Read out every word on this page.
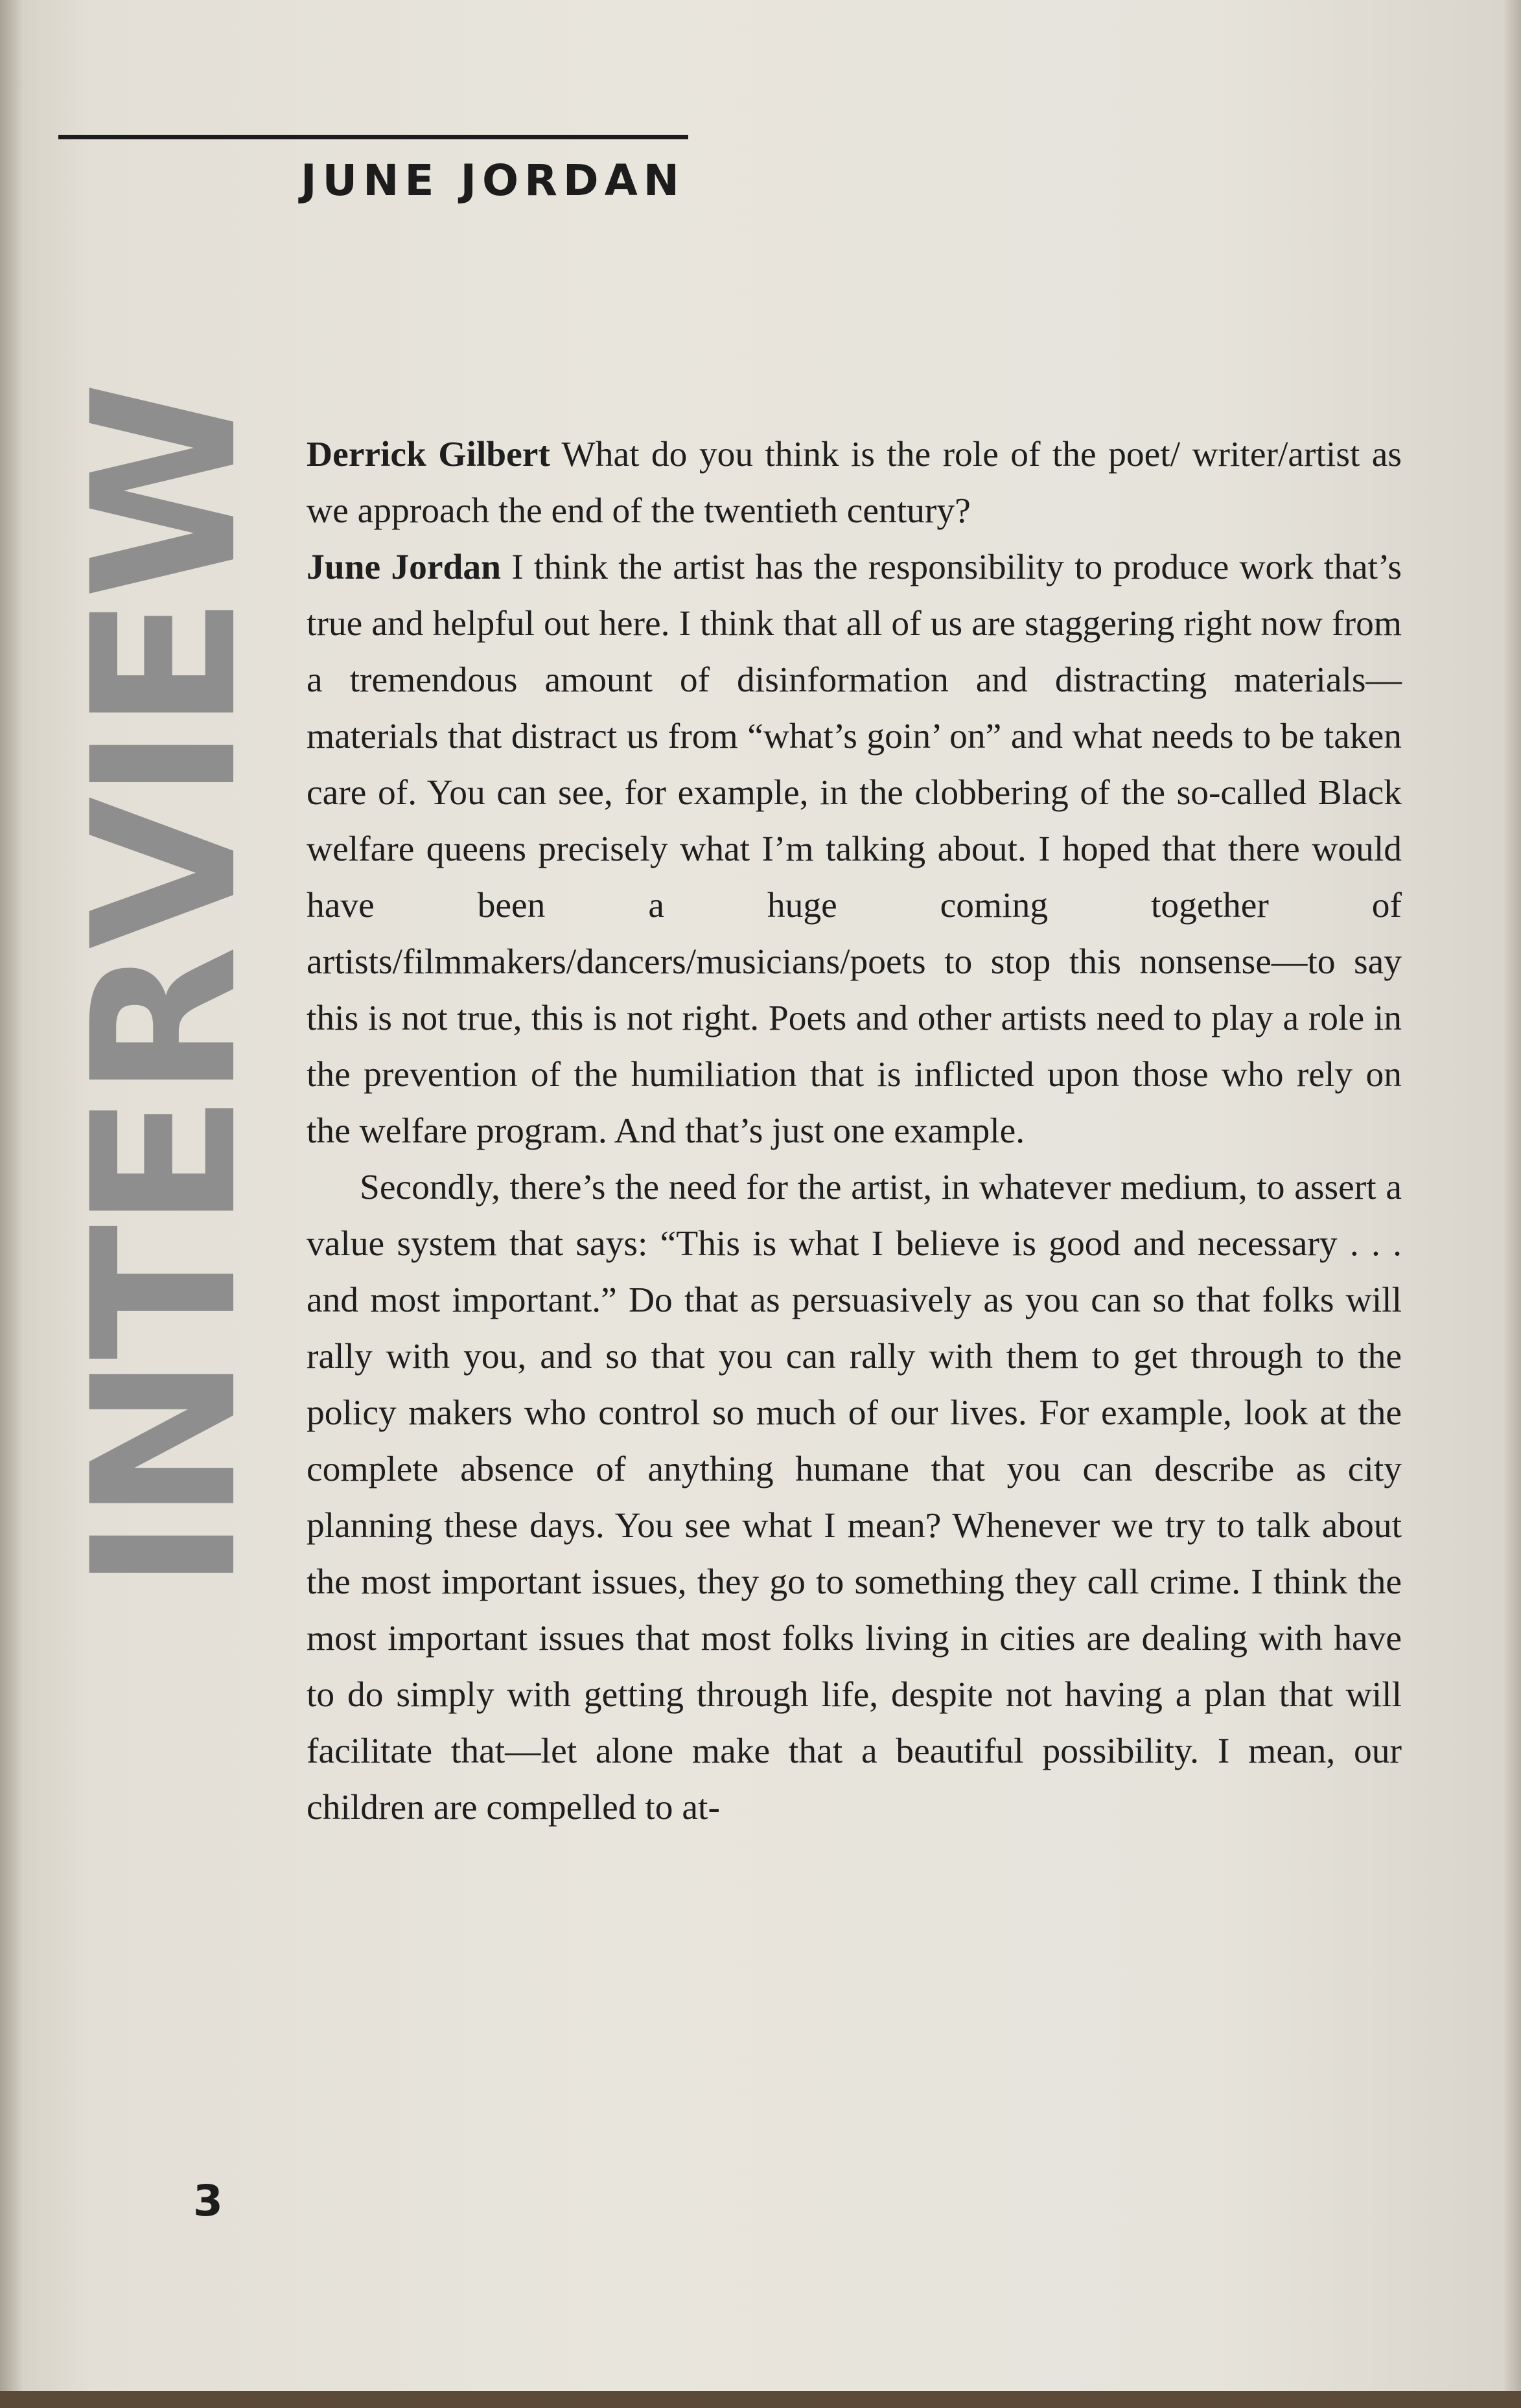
JUNE JORDAN
INTERVIEW Derrick Gilbert What do you think is the role of the poet/ writer/artist as we approach the end of the twentieth century?

June Jordan I think the artist has the responsibility to produce work that’s true and helpful out here. I think that all of us are staggering right now from a tremendous amount of disinformation and distracting materials—materials that distract us from “what’s goin’ on” and what needs to be taken care of. You can see, for example, in the clobbering of the so-called Black welfare queens precisely what I’m talking about. I hoped that there would have been a huge coming together of artists/filmmakers/dancers/musicians/poets to stop this nonsense—to say this is not true, this is not right. Poets and other artists need to play a role in the prevention of the humiliation that is inflicted upon those who rely on the welfare program. And that’s just one example.

Secondly, there’s the need for the artist, in whatever medium, to assert a value system that says: “This is what I believe is good and necessary . . . and most important.” Do that as persuasively as you can so that folks will rally with you, and so that you can rally with them to get through to the policy makers who control so much of our lives. For example, look at the complete absence of anything humane that you can describe as city planning these days. You see what I mean? Whenever we try to talk about the most important issues, they go to something they call crime. I think the most important issues that most folks living in cities are dealing with have to do simply with getting through life, despite not having a plan that will facilitate that—let alone make that a beautiful possibility. I mean, our children are compelled to at-

3
